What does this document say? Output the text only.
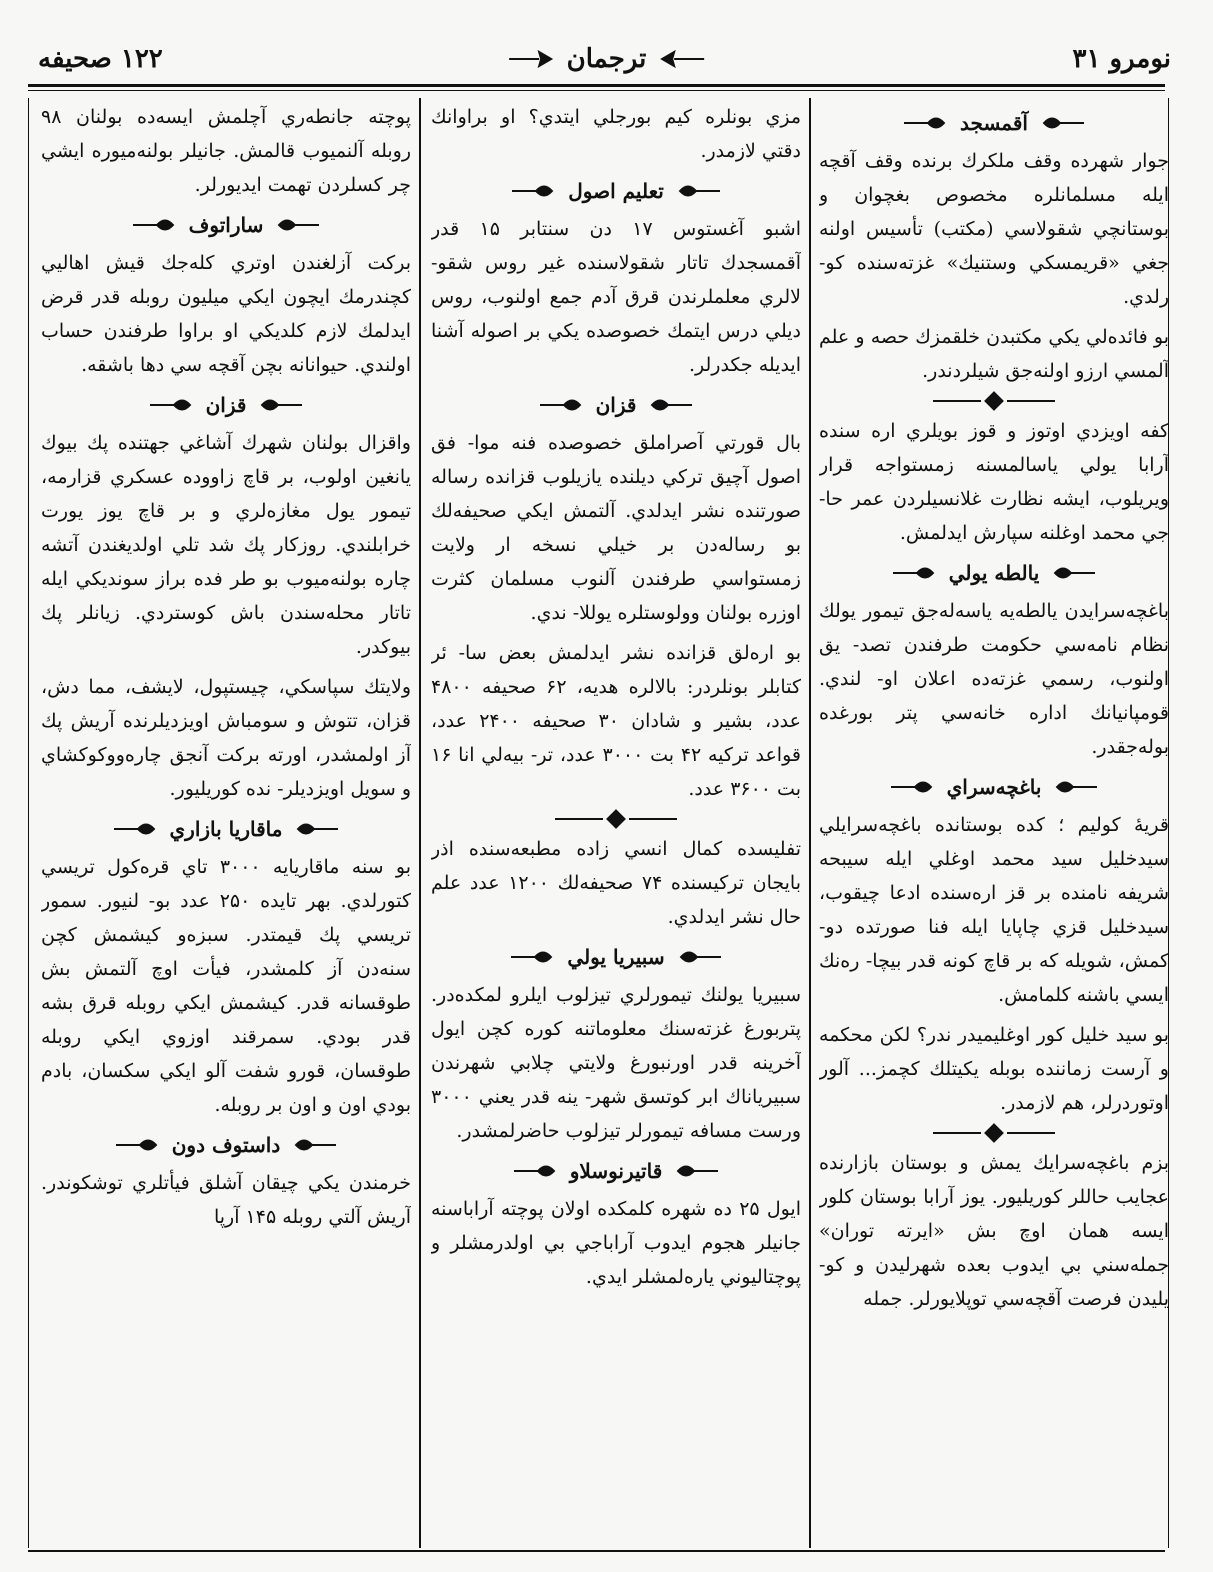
۱۲۲ صحيفه	ترجمان	نومرو ۳۱
آقمسجد

جوار شهرده وقف ملكرك برنده وقف آقچه ايله مسلمانلره مخصوص بغچوان و بوستانچي شقولاسي (مكتب) تأسيس اولنه جغي «قريمسكي وستنيك» غزته‌سنده كو- رلدي.

بو فائده‌لي يكي مكتبدن خلقمزك حصه و علم آلمسي ارزو اولنه‌جق شيلردندر.

كفه اويزدي اوتوز و قوز بويلري اره سنده آرابا يولي ياسالمسنه زمستواجه قرار ويريلوب، ايشه نظارت غلانسيلردن عمر حا- جي محمد اوغلنه سپارش ايدلمش.

يالطه يولي

باغچه‌سرايدن يالطه‌يه ياسه‌له‌جق تيمور يولك نظام نامه‌سي حكومت طرفندن تصد- يق اولنوب، رسمي غزته‌ده اعلان او- لندي. قومپانيانك اداره خانه‌سي پتر بورغده بوله‌جقدر.

باغچه‌سراي

قريهٔ كوليم ؛ كده بوستانده باغچه‌سرايلي سيدخليل سيد محمد اوغلي ايله سيبحه شريفه نامنده بر قز اره‌سنده ادعا چيقوب، سيدخليل قزي چاپايا ايله فنا صورتده دو- كمش، شويله كه بر قاچ كونه قدر بيچا- ره‌نك ايسي باشنه كلمامش.

بو سيد خليل كور اوغليميدر ندر؟ لكن محكمه و آرست زماننده بوبله يكيتلك كچمز... آلور اوتوردرلر، هم لازمدر.

بزم باغچه‌سرايك يمش و بوستان بازارنده عجايب حاللر كوريليور. يوز آرابا بوستان كلور ايسه همان اوچ بش «ايرته توران» جمله‌سني بي ايدوب بعده شهرليدن و كو- يليدن فرصت آقچه‌سي توپلايورلر. جمله

مزي بونلره كيم بورجلي ايتدي؟ او براوانك دقتي لازمدر.

تعليم اصول

اشبو آغستوس ۱۷ دن سنتابر ۱۵ قدر آقمسجدك تاتار شقولاسنده غير روس شقو- لالري معلملرندن قرق آدم جمع اولنوب، روس ديلي درس ايتمك خصوصده يكي بر اصوله آشنا ايديله جكدرلر.

قزان

بال قورتي آصراملق خصوصده فنه موا- فق اصول آچيق تركي ديلنده يازيلوب قزانده رساله صورتنده نشر ايدلدي. آلتمش ايكي صحيفه‌لك بو رساله‌دن بر خيلي نسخه ار ولايت زمستواسي طرفندن آلنوب مسلمان كثرت اوزره بولنان وولوستلره يوللا- ندي.

بو اره‌لق قزانده نشر ايدلمش بعض سا- ئر كتابلر بونلردر: بالالره هديه، ۶۲ صحيفه ۴۸۰۰ عدد، بشير و شادان ۳۰ صحيفه ۲۴۰۰ عدد، قواعد تركيه ۴۲ بت ۳۰۰۰ عدد، تر- بيه‌لي انا ۱۶ بت ۳۶۰۰ عدد.

تفليسده كمال انسي زاده مطبعه‌سنده اذر بايجان تركيسنده ۷۴ صحيفه‌لك ۱۲۰۰ عدد علم حال نشر ايدلدي.

سبيريا يولي

سبيريا يولنك تيمورلري تيزلوب ايلرو لمكده‌در. پتربورغ غزته‌سنك معلوماتنه كوره كچن ايول آخرينه قدر اورنبورغ ولايتي چلابي شهرندن سبيرياناك ابر كوتسق شهر- ينه قدر يعني ۳۰۰۰ ورست مسافه تيمورلر تيزلوب حاضرلمشدر.

قاتيرنوسلاو

ايول ۲۵ ده شهره كلمكده اولان پوچته آراباسنه جانيلر هجوم ايدوب آراباجي بي اولدرمشلر و پوچتاليوني ياره‌لمشلر ايدي.

پوچته جانطه‌ري آچلمش ايسه‌ده بولنان ۹۸ روبله آلنميوب قالمش. جانيلر بولنه‌ميوره ايشي چر كسلردن تهمت ايديورلر.

ساراتوف

بركت آزلغندن اوتري كله‌جك قيش اهاليي كچندرمك ايچون ايكي ميليون روبله قدر قرض ايدلمك لازم كلديكي او براوا طرفندن حساب اولندي. حيوانانه بچن آقچه سي دها باشقه.

قزان

واقزال بولنان شهرك آشاغي جهتنده پك بيوك يانغين اولوب، بر قاچ زاووده عسكري قزارمه، تيمور يول مغازه‌لري و بر قاچ يوز يورت خرابلندي. روزكار پك شد تلي اولديغندن آتشه چاره بولنه‌ميوب بو طر فده براز سونديكي ايله تاتار محله‌سندن باش كوستردي. زيانلر پك بيوكدر.

ولايتك سپاسكي، چيستپول، لايشف، مما دش، قزان، تتوش و سومباش اويزديلرنده آريش پك آز اولمشدر، اورته بركت آنجق چاره‌ووكوكشاي و سويل اويزديلر- نده كوريليور.

ماقاريا بازاري

بو سنه ماقاريايه ۳۰۰۰ تاي قره‌كول تريسي كتورلدي. بهر تايده ۲۵۰ عدد بو- لنيور. سمور تريسي پك قيمتدر. سبزه‌و كيشمش كچن سنه‌دن آز كلمشدر، فيأت اوچ آلتمش بش طوقسانه قدر. كيشمش ايكي روبله قرق بشه قدر بودي. سمرقند اوزوي ايكي روبله طوقسان، قورو شفت آلو ايكي سكسان، بادم بودي اون و اون بر روبله.

داستوف دون

خرمندن يكي چيقان آشلق فيأتلري توشكوندر. آريش آلتي روبله ۱۴۵ آرپا
